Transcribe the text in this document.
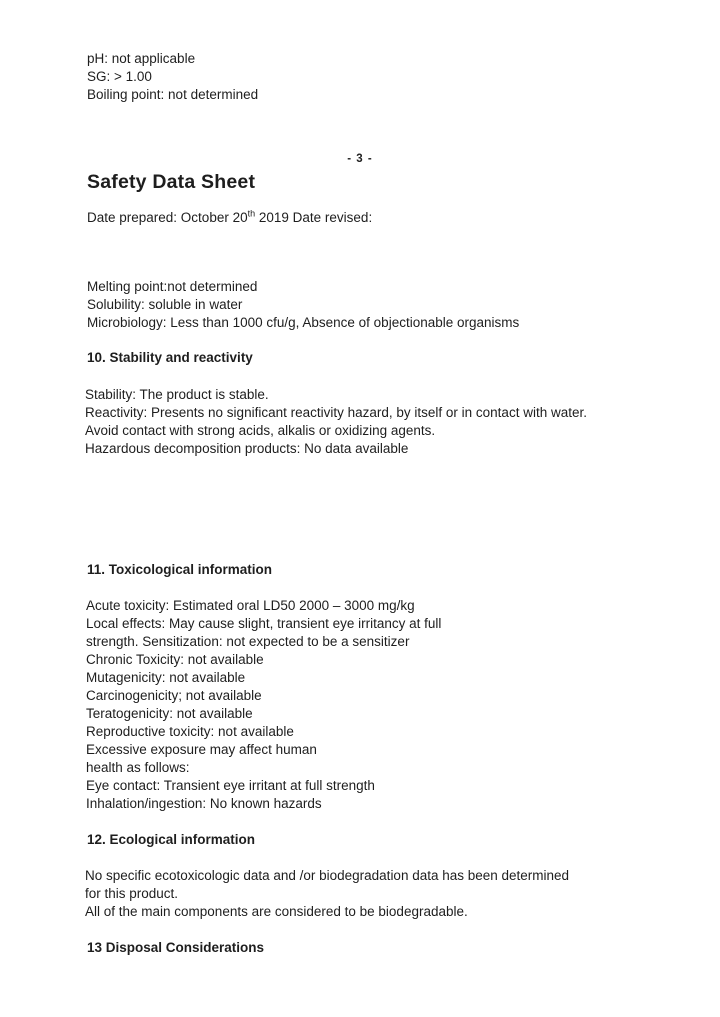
pH: not applicable
SG: > 1.00
Boiling point: not determined
- 3 -
Safety Data Sheet
Date prepared: October 20th 2019 Date revised:
Melting point:not determined
Solubility: soluble in water
Microbiology: Less than 1000 cfu/g, Absence of objectionable organisms
10. Stability and reactivity
Stability: The product is stable.
Reactivity: Presents no significant reactivity hazard, by itself or in contact with water.
Avoid contact with strong acids, alkalis or oxidizing agents.
Hazardous decomposition products: No data available
11. Toxicological information
Acute toxicity: Estimated oral LD50 2000 – 3000 mg/kg
Local effects: May cause slight, transient eye irritancy at full
strength. Sensitization: not expected to be a sensitizer
Chronic Toxicity: not available
Mutagenicity: not available
Carcinogenicity; not available
Teratogenicity: not available
Reproductive toxicity: not available
Excessive exposure may affect human
health as follows:
Eye contact: Transient eye irritant at full strength
Inhalation/ingestion: No known hazards
12. Ecological information
No specific ecotoxicologic data and /or biodegradation data has been determined
for this product.
All of the main components are considered to be biodegradable.
13 Disposal Considerations
